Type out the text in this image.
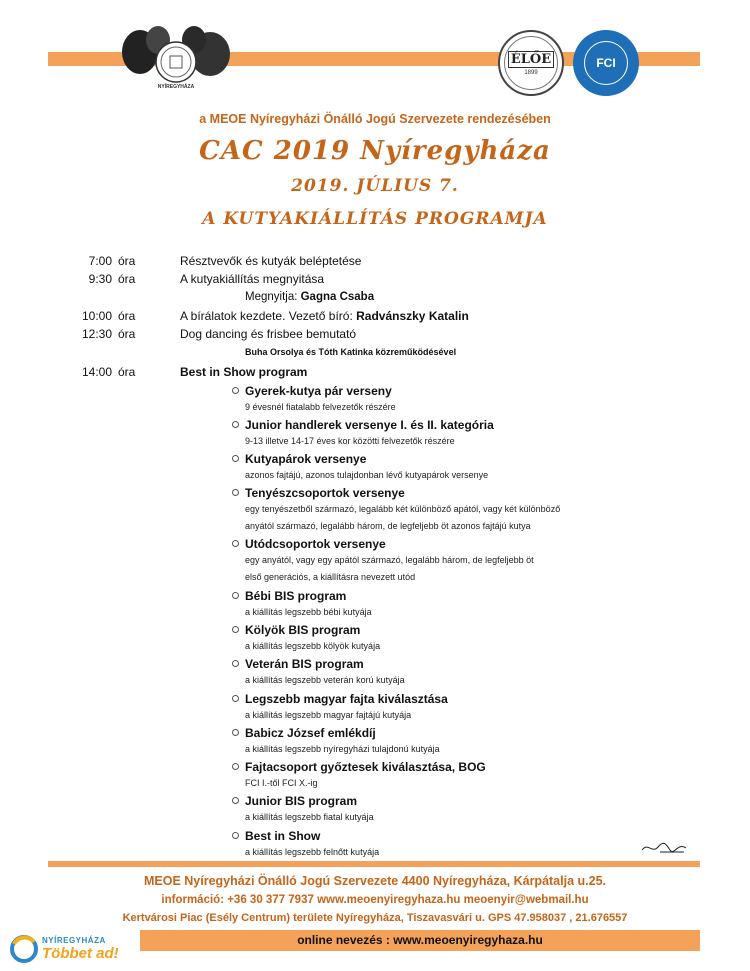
NYÍREGYHÁZA
ÉLŐE
1899
FCI
a MEOE Nyíregyházi Önálló Jogú Szervezete rendezésében
CAC 2019 Nyíregyháza
2019. JÚLIUS 7.
A KUTYAKIÁLLÍTÁS PROGRAMJA
7:00 óra	Résztvevők és kutyák beléptetése
9:30 óra	A kutyakiállítás megnyitása
Megnyitja: Gagna Csaba
10:00 óra	A bírálatok kezdete. Vezető bíró: Radvánszky Katalin
12:30 óra	Dog dancing és frisbee bemutató
Buha Orsolya és Tóth Katinka közreműködésével
14:00 óra	Best in Show program
Gyerek-kutya pár verseny
9 évesnél fiatalabb felvezetők részére
Junior handlerek versenye I. és II. kategória
9-13 illetve 14-17 éves kor közötti felvezetők részére
Kutyapárok versenye
azonos fajtájú, azonos tulajdonban lévő kutyapárok versenye
Tenyészcsoportok versenye
egy tenyészetből származó, legalább két különböző apától, vagy két különböző
anyától származó, legalább három, de legfeljebb öt azonos fajtájú kutya
Utódcsoportok versenye
egy anyától, vagy egy apától származó, legalább három, de legfeljebb öt
első generációs, a kiállításra nevezett utód
Bébi BIS program
a kiállítás legszebb bébi kutyája
Kölyök BIS program
a kiállítás legszebb kölyök kutyája
Veterán BIS program
a kiállítás legszebb veterán korú kutyája
Legszebb magyar fajta kiválasztása
a kiállítás legszebb magyar fajtájú kutyája
Babicz József emlékdíj
a kiállítás legszebb nyíregyházi tulajdonú kutyája
Fajtacsoport győztesek kiválasztása, BOG
FCI I.-től FCI X.-ig
Junior BIS program
a kiállítás legszebb fiatal kutyája
Best in Show
a kiállítás legszebb felnőtt kutyája
MEOE Nyíregyházi Önálló Jogú Szervezete 4400 Nyíregyháza, Kárpátalja u.25.
információ: +36 30 377 7937 www.meoenyiregyhaza.hu meoenyir@webmail.hu
Kertvárosi Piac (Esély Centrum) területe Nyíregyháza, Tiszavasvári u. GPS 47.958037 , 21.676557
online nevezés : www.meoenyiregyhaza.hu
NYÍREGYHÁZA
Többet ad!
